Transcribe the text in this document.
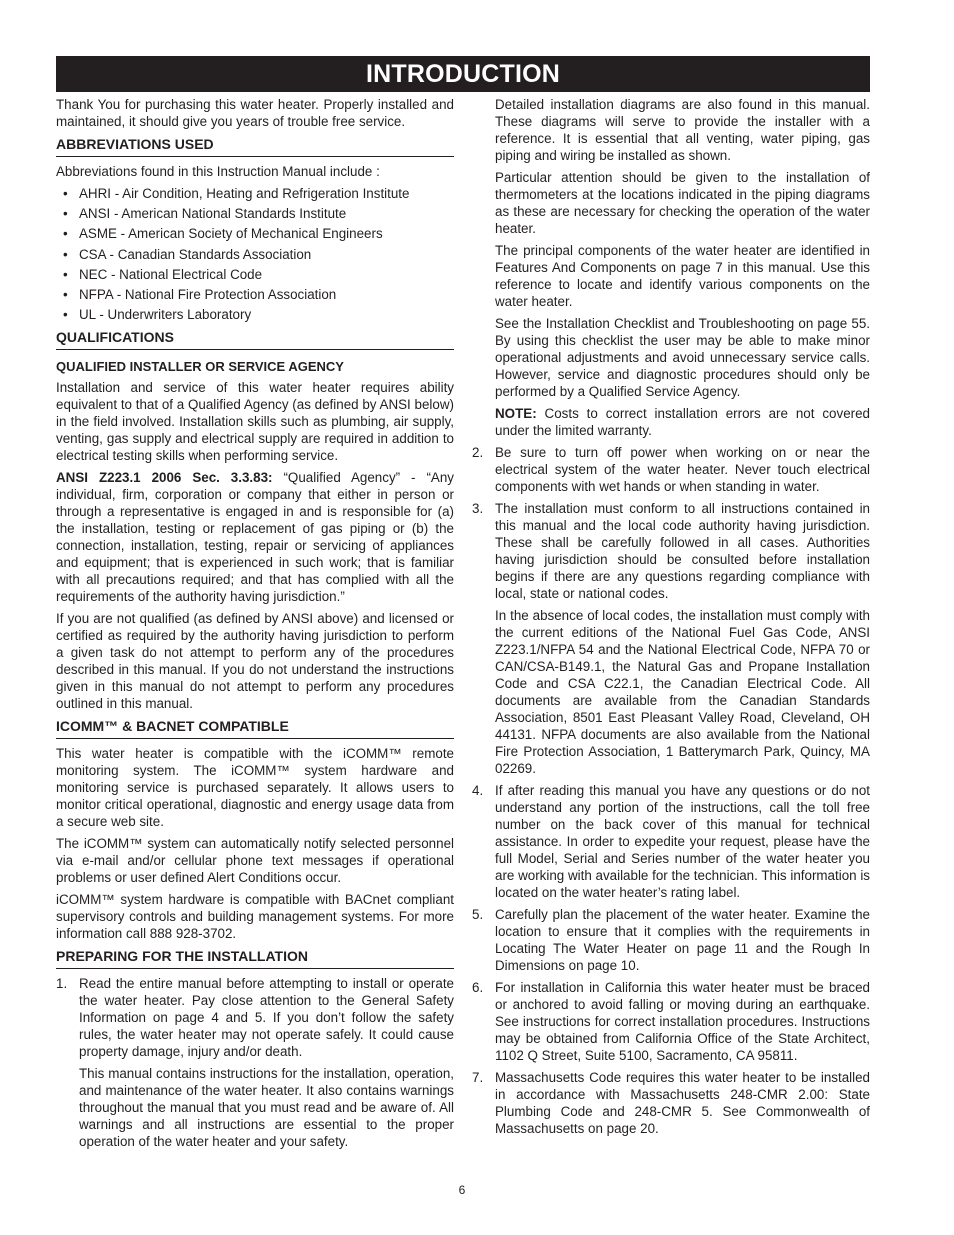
INTRODUCTION

Thank You for purchasing this water heater. Properly installed and maintained, it should give you years of trouble free service.

ABBREVIATIONS USED

Abbreviations found in this Instruction Manual include :

• AHRI - Air Condition, Heating and Refrigeration Institute
• ANSI - American National Standards Institute
• ASME - American Society of Mechanical Engineers
• CSA - Canadian Standards Association
• NEC - National Electrical Code
• NFPA - National Fire Protection Association
• UL - Underwriters Laboratory
QUALIFICATIONS
QUALIFIED INSTALLER OR SERVICE AGENCY

Installation and service of this water heater requires ability equivalent to that of a Qualified Agency (as defined by ANSI below) in the field involved. Installation skills such as plumbing, air supply, venting, gas supply and electrical supply are required in addition to electrical testing skills when performing service.

ANSI Z223.1 2006 Sec. 3.3.83: “Qualified Agency” - “Any individual, firm, corporation or company that either in person or through a representative is engaged in and is responsible for (a) the installation, testing or replacement of gas piping or (b) the connection, installation, testing, repair or servicing of appliances and equipment; that is experienced in such work; that is familiar with all precautions required; and that has complied with all the requirements of the authority having jurisdiction.”

If you are not qualified (as defined by ANSI above) and licensed or certified as required by the authority having jurisdiction to perform a given task do not attempt to perform any of the procedures described in this manual. If you do not understand the instructions given in this manual do not attempt to perform any procedures outlined in this manual.

ICOMM™ & BACNET COMPATIBLE

This water heater is compatible with the iCOMM™ remote monitoring system. The iCOMM™ system hardware and monitoring service is purchased separately. It allows users to monitor critical operational, diagnostic and energy usage data from a secure web site.

The iCOMM™ system can automatically notify selected personnel via e-mail and/or cellular phone text messages if operational problems or user defined Alert Conditions occur.

iCOMM™ system hardware is compatible with BACnet compliant supervisory controls and building management systems. For more information call 888 928-3702.

PREPARING FOR THE INSTALLATION
1. Read the entire manual before attempting to install or operate the water heater. Pay close attention to the General Safety Information on page 4 and 5. If you don’t follow the safety rules, the water heater may not operate safely. It could cause property damage, injury and/or death.

This manual contains instructions for the installation, operation, and maintenance of the water heater. It also contains warnings throughout the manual that you must read and be aware of. All warnings and all instructions are essential to the proper operation of the water heater and your safety.

Detailed installation diagrams are also found in this manual. These diagrams will serve to provide the installer with a reference. It is essential that all venting, water piping, gas piping and wiring be installed as shown.

Particular attention should be given to the installation of thermometers at the locations indicated in the piping diagrams as these are necessary for checking the operation of the water heater.

The principal components of the water heater are identified in Features And Components on page 7 in this manual. Use this reference to locate and identify various components on the water heater.

See the Installation Checklist and Troubleshooting on page 55. By using this checklist the user may be able to make minor operational adjustments and avoid unnecessary service calls. However, service and diagnostic procedures should only be performed by a Qualified Service Agency.

NOTE: Costs to correct installation errors are not covered under the limited warranty.

2. Be sure to turn off power when working on or near the electrical system of the water heater. Never touch electrical components with wet hands or when standing in water.
3. The installation must conform to all instructions contained in this manual and the local code authority having jurisdiction. These shall be carefully followed in all cases. Authorities having jurisdiction should be consulted before installation begins if there are any questions regarding compliance with local, state or national codes.

In the absence of local codes, the installation must comply with the current editions of the National Fuel Gas Code, ANSI Z223.1/NFPA 54 and the National Electrical Code, NFPA 70 or CAN/CSA-B149.1, the Natural Gas and Propane Installation Code and CSA C22.1, the Canadian Electrical Code. All documents are available from the Canadian Standards Association, 8501 East Pleasant Valley Road, Cleveland, OH 44131. NFPA documents are also available from the National Fire Protection Association, 1 Batterymarch Park, Quincy, MA 02269.

4. If after reading this manual you have any questions or do not understand any portion of the instructions, call the toll free number on the back cover of this manual for technical assistance. In order to expedite your request, please have the full Model, Serial and Series number of the water heater you are working with available for the technician. This information is located on the water heater’s rating label.
5. Carefully plan the placement of the water heater. Examine the location to ensure that it complies with the requirements in Locating The Water Heater on page 11 and the Rough In Dimensions on page 10.
6. For installation in California this water heater must be braced or anchored to avoid falling or moving during an earthquake. See instructions for correct installation procedures. Instructions may be obtained from California Office of the State Architect, 1102 Q Street, Suite 5100, Sacramento, CA 95811.
7. Massachusetts Code requires this water heater to be installed in accordance with Massachusetts 248-CMR 2.00: State Plumbing Code and 248-CMR 5. See Commonwealth of Massachusetts on page 20.
6
